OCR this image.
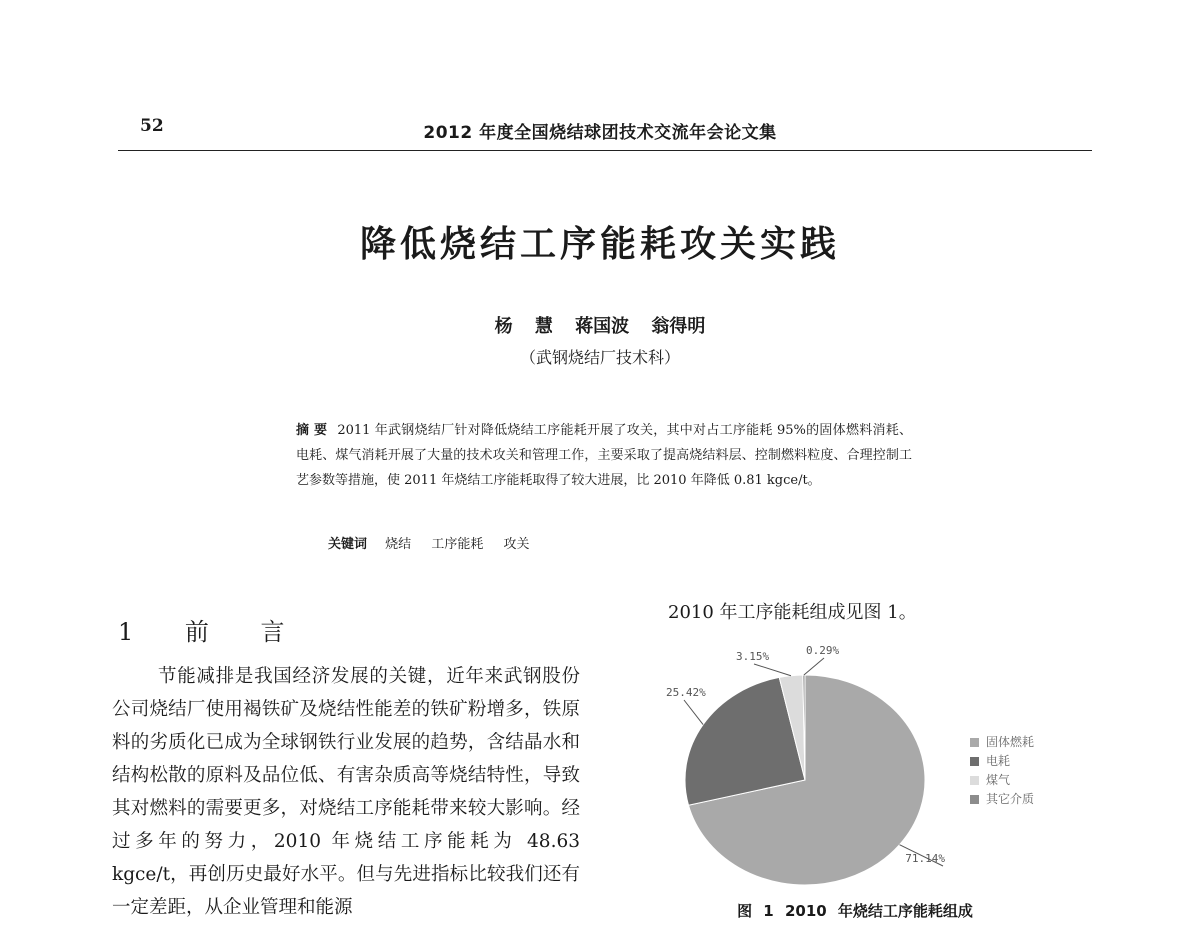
52	2012 年度全国烧结球团技术交流年会论文集
降低烧结工序能耗攻关实践
杨 慧 蒋国波 翁得明
（武钢烧结厂技术科）
摘 要 2011 年武钢烧结厂针对降低烧结工序能耗开展了攻关，其中对占工序能耗 95%的固体燃料消耗、电耗、煤气消耗开展了大量的技术攻关和管理工作，主要采取了提高烧结料层、控制燃料粒度、合理控制工艺参数等措施，使 2011 年烧结工序能耗取得了较大进展，比 2010 年降低 0.81 kgce/t。
关键词 烧结 工序能耗 攻关
1 前 言
节能减排是我国经济发展的关键，近年来武钢股份公司烧结厂使用褐铁矿及烧结性能差的铁矿粉增多，铁原料的劣质化已成为全球钢铁行业发展的趋势，含结晶水和结构松散的原料及品位低、有害杂质高等烧结特性，导致其对燃料的需要更多，对烧结工序能耗带来较大影响。经过多年的努力，2010 年烧结工序能耗为 48.63 kgce/t，再创历史最好水平。但与先进指标比较我们还有一定差距，从企业管理和能源
2010 年工序能耗组成见图 1。
71.14%
25.42%
3.15%	0.29%
固体燃耗
电耗
煤气
其它介质
图 1 2010 年烧结工序能耗组成
